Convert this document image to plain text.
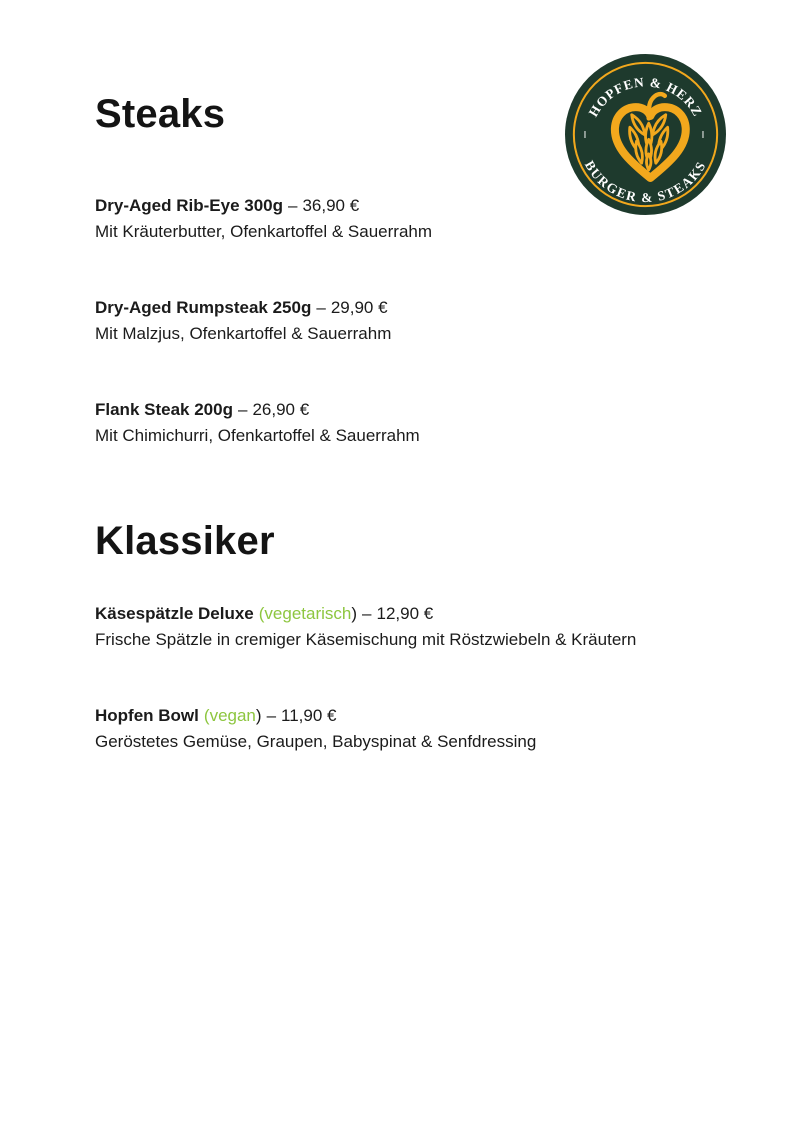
HOPFEN & HERZ
BURGER & STEAKS
–	–
Steaks

Dry-Aged Rib-Eye 300g – 36,90 €

Mit Kräuterbutter, Ofenkartoffel & Sauerrahm

Dry-Aged Rumpsteak 250g – 29,90 €

Mit Malzjus, Ofenkartoffel & Sauerrahm

Flank Steak 200g – 26,90 €

Mit Chimichurri, Ofenkartoffel & Sauerrahm

Klassiker

Käsespätzle Deluxe (vegetarisch) – 12,90 €

Frische Spätzle in cremiger Käsemischung mit Röstzwiebeln & Kräutern

Hopfen Bowl (vegan) – 11,90 €

Geröstetes Gemüse, Graupen, Babyspinat & Senfdressing
